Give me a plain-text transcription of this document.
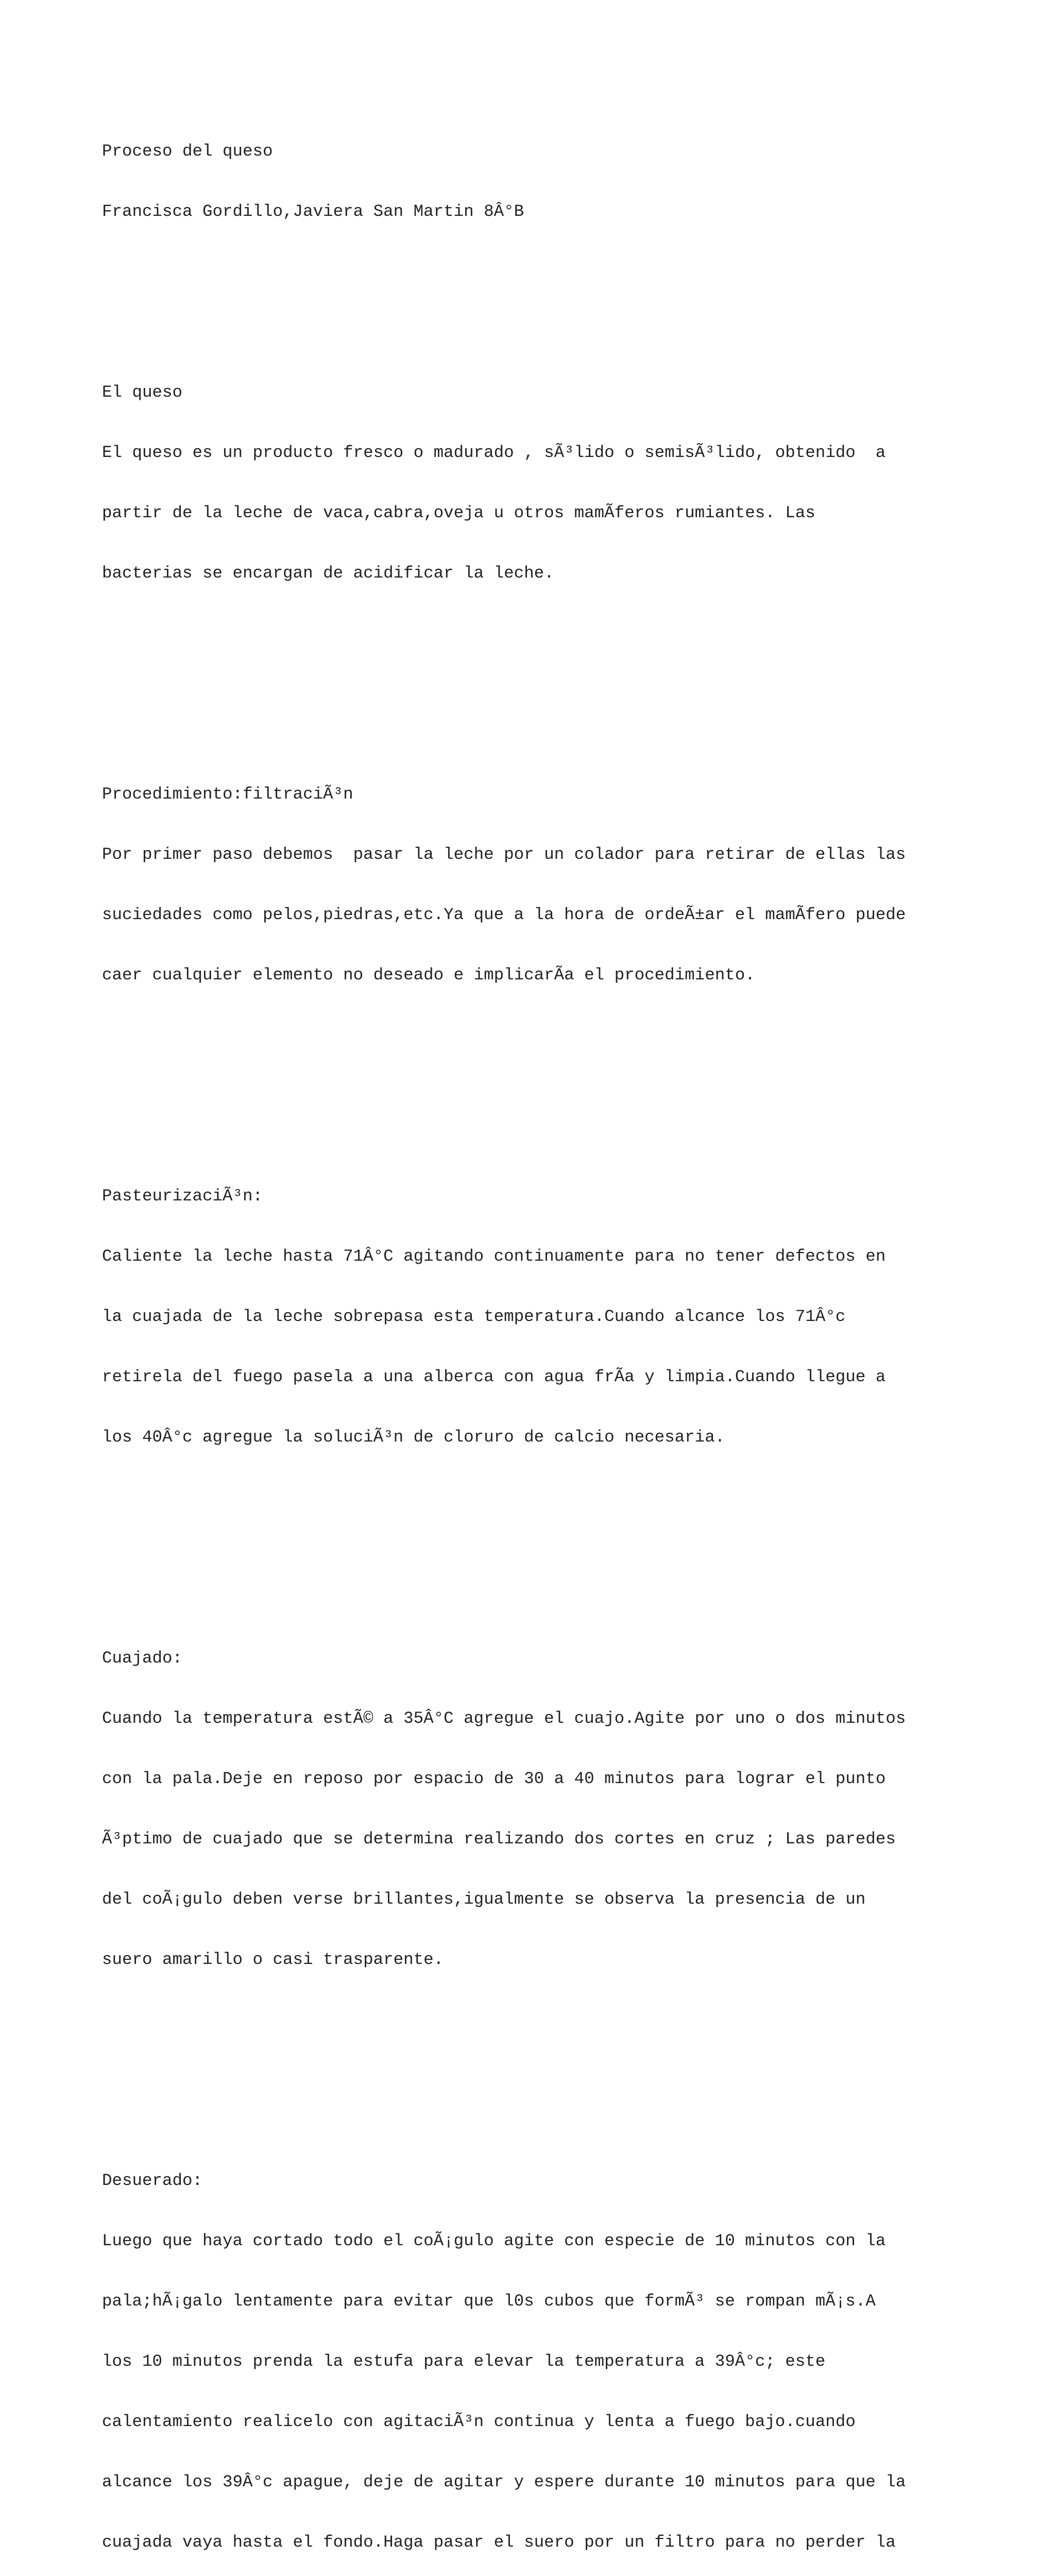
Proceso del queso

Francisca Gordillo,Javiera San Martin 8Â°B

El queso

El queso es un producto fresco o madurado , sÃ³lido o semisÃ³lido, obtenido  a

partir de la leche de vaca,cabra,oveja u otros mamÃferos rumiantes. Las

bacterias se encargan de acidificar la leche.

Procedimiento:filtraciÃ³n

Por primer paso debemos  pasar la leche por un colador para retirar de ellas las

suciedades como pelos,piedras,etc.Ya que a la hora de ordeÃ±ar el mamÃfero puede

caer cualquier elemento no deseado e implicarÃa el procedimiento.

PasteurizaciÃ³n:

Caliente la leche hasta 71Â°C agitando continuamente para no tener defectos en

la cuajada de la leche sobrepasa esta temperatura.Cuando alcance los 71Â°c

retirela del fuego pasela a una alberca con agua frÃa y limpia.Cuando llegue a

los 40Â°c agregue la soluciÃ³n de cloruro de calcio necesaria.

Cuajado:

Cuando la temperatura estÃ© a 35Â°C agregue el cuajo.Agite por uno o dos minutos

con la pala.Deje en reposo por espacio de 30 a 40 minutos para lograr el punto

Ã³ptimo de cuajado que se determina realizando dos cortes en cruz ; Las paredes

del coÃ¡gulo deben verse brillantes,igualmente se observa la presencia de un

suero amarillo o casi trasparente.

Desuerado:

Luego que haya cortado todo el coÃ¡gulo agite con especie de 10 minutos con la

pala;hÃ¡galo lentamente para evitar que l0s cubos que formÃ³ se rompan mÃ¡s.A

los 10 minutos prenda la estufa para elevar la temperatura a 39Â°c; este

calentamiento realicelo con agitaciÃ³n continua y lenta a fuego bajo.cuando

alcance los 39Â°c apague, deje de agitar y espere durante 10 minutos para que la

cuajada vaya hasta el fondo.Haga pasar el suero por un filtro para no perder la
